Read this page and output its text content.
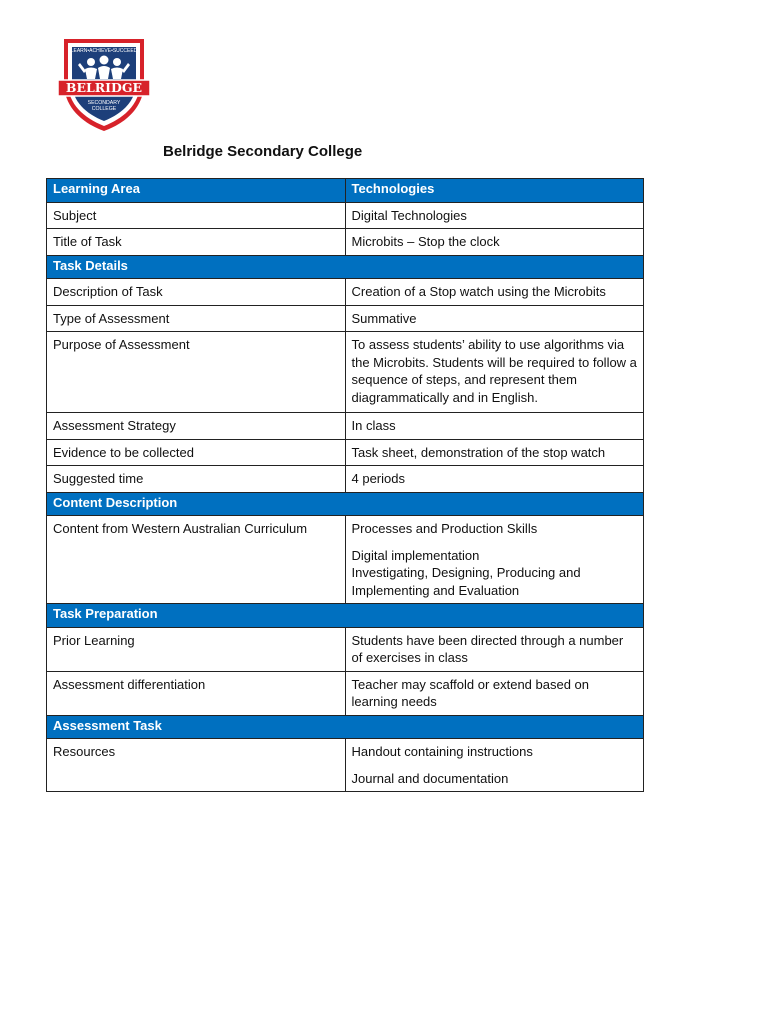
LEARN•ACHIEVE•SUCCEED
BELRIDGE
SECONDARY
COLLEGE
Belridge Secondary College
Learning Area	Technologies
Subject	Digital Technologies
Title of Task	Microbits – Stop the clock
Task Details	
Description of Task	Creation of a Stop watch using the Microbits
Type of Assessment	Summative
Purpose of Assessment	To assess students’ ability to use algorithms via the Microbits. Students will be required to follow a sequence of steps, and represent them diagrammatically and in English.
Assessment Strategy	In class
Evidence to be collected	Task sheet, demonstration of the stop watch
Suggested time	4 periods
Content Description	
Content from Western Australian Curriculum	Processes and Production Skills
Digital implementation
Investigating, Designing, Producing and Implementing and Evaluation

Task Preparation	
Prior Learning	Students have been directed through a number of exercises in class
Assessment differentiation	Teacher may scaffold or extend based on learning needs
Assessment Task	
Resources	Handout containing instructions
Journal and documentation
